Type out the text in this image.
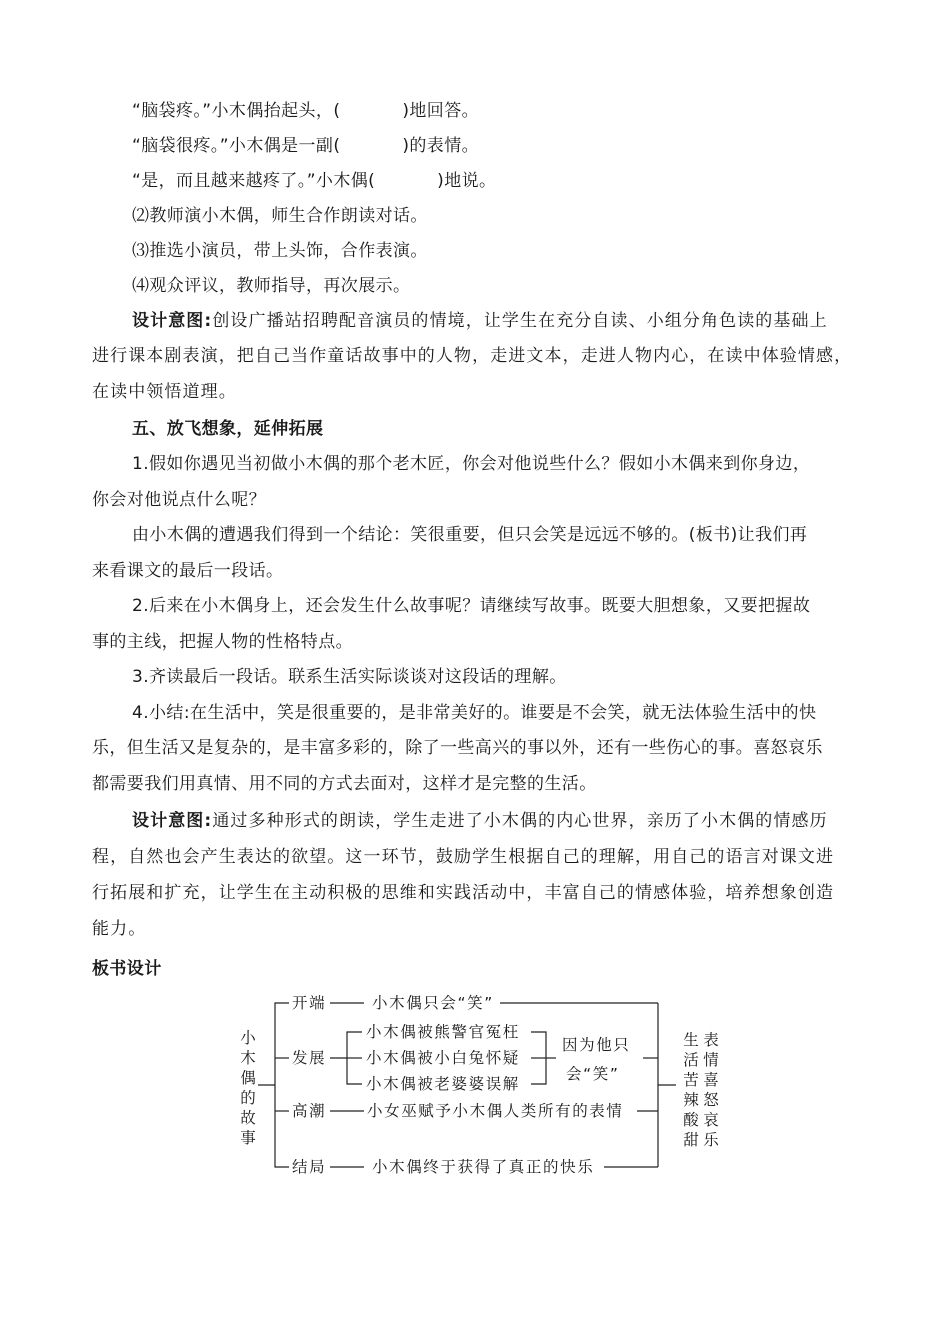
“脑袋疼。”小木偶抬起头，(	)地回答。
“脑袋很疼。”小木偶是一副(	)的表情。
“是，而且越来越疼了。”小木偶(	)地说。
⑵教师演小木偶，师生合作朗读对话。
⑶推选小演员，带上头饰，合作表演。
⑷观众评议，教师指导，再次展示。
设计意图:创设广播站招聘配音演员的情境，让学生在充分自读、小组分角色读的基础上
进行课本剧表演，把自己当作童话故事中的人物，走进文本，走进人物内心，在读中体验情感，
在读中领悟道理。
五、放飞想象，延伸拓展
1.假如你遇见当初做小木偶的那个老木匠，你会对他说些什么？假如小木偶来到你身边，
你会对他说点什么呢？
由小木偶的遭遇我们得到一个结论：笑很重要，但只会笑是远远不够的。(板书)让我们再
来看课文的最后一段话。
2.后来在小木偶身上，还会发生什么故事呢？请继续写故事。既要大胆想象，又要把握故
事的主线，把握人物的性格特点。
3.齐读最后一段话。联系生活实际谈谈对这段话的理解。
4.小结:在生活中，笑是很重要的，是非常美好的。谁要是不会笑，就无法体验生活中的快
乐，但生活又是复杂的，是丰富多彩的，除了一些高兴的事以外，还有一些伤心的事。喜怒哀乐
都需要我们用真情、用不同的方式去面对，这样才是完整的生活。
设计意图:通过多种形式的朗读，学生走进了小木偶的内心世界，亲历了小木偶的情感历
程，自然也会产生表达的欲望。这一环节，鼓励学生根据自己的理解，用自己的语言对课文进
行拓展和扩充，让学生在主动积极的思维和实践活动中，丰富自己的情感体验，培养想象创造
能力。
板书设计
小木偶的故事
开端
发展
高潮
结局
小木偶只会“笑”
小木偶被熊警官冤枉
小木偶被小白兔怀疑
小木偶被老婆婆误解
因为他只
会“笑”
小女巫赋予小木偶人类所有的表情
小木偶终于获得了真正的快乐
生活苦辣酸甜
表情喜怒哀乐
